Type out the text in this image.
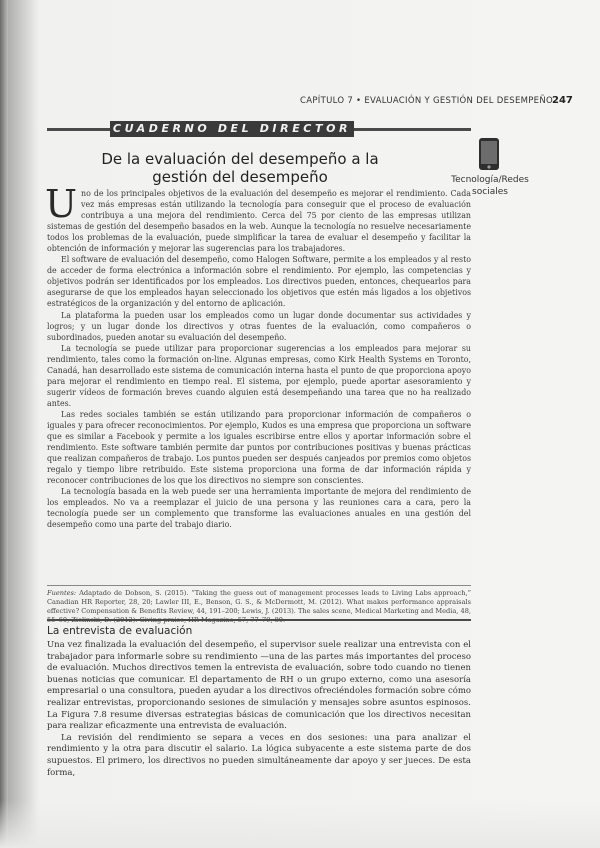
CAPÍTULO 7 • EVALUACIÓN Y GESTIÓN DEL DESEMPEÑO
247
CUADERNO DEL DIRECTOR
De la evaluación del desempeño a la gestión del desempeño	Tecnología/Redes sociales

Uno de los principales objetivos de la evaluación del desempeño es mejorar el rendimiento. Cada vez más empresas están utilizando la tecnología para conseguir que el proceso de evaluación contribuya a una mejora del rendimiento. Cerca del 75 por ciento de las empresas utilizan sistemas de gestión del desempeño basados en la web. Aunque la tecnología no resuelve necesariamente todos los problemas de la evaluación, puede simplificar la tarea de evaluar el desempeño y facilitar la obtención de información y mejorar las sugerencias para los trabajadores.

El software de evaluación del desempeño, como Halogen Software, permite a los empleados y al resto de acceder de forma electrónica a información sobre el rendimiento. Por ejemplo, las competencias y objetivos podrán ser identificados por los empleados. Los directivos pueden, entonces, chequearlos para asegurarse de que los empleados hayan seleccionado los objetivos que estén más ligados a los objetivos estratégicos de la organización y del entorno de aplicación.

La plataforma la pueden usar los empleados como un lugar donde documentar sus actividades y logros; y un lugar donde los directivos y otras fuentes de la evaluación, como compañeros o subordinados, pueden anotar su evaluación del desempeño.

La tecnología se puede utilizar para proporcionar sugerencias a los empleados para mejorar su rendimiento, tales como la formación on-line. Algunas empresas, como Kirk Health Systems en Toronto, Canadá, han desarrollado este sistema de comunicación interna hasta el punto de que proporciona apoyo para mejorar el rendimiento en tiempo real. El sistema, por ejemplo, puede aportar asesoramiento y sugerir vídeos de formación breves cuando alguien está desempeñando una tarea que no ha realizado antes.

Las redes sociales también se están utilizando para proporcionar información de compañeros o iguales y para ofrecer reconocimientos. Por ejemplo, Kudos es una empresa que proporciona un software que es similar a Facebook y permite a los iguales escribirse entre ellos y aportar información sobre el rendimiento. Este software también permite dar puntos por contribuciones positivas y buenas prácticas que realizan compañeros de trabajo. Los puntos pueden ser después canjeados por premios como objetos regalo y tiempo libre retribuido. Este sistema proporciona una forma de dar información rápida y reconocer contribuciones de los que los directivos no siempre son conscientes.

La tecnología basada en la web puede ser una herramienta importante de mejora del rendimiento de los empleados. No va a reemplazar el juicio de una persona y las reuniones cara a cara, pero la tecnología puede ser un complemento que transforme las evaluaciones anuales en una gestión del desempeño como una parte del trabajo diario.

Fuentes: Adaptado de Dobson, S. (2015). “Taking the guess out of management processes leads to Living Labs approach,” Canadian HR Reporter, 28, 20; Lawler III, E., Benson, G. S., & McDermott, M. (2012). What makes performance appraisals effective? Compensation & Benefits Review, 44, 191–200; Lewis, J. (2013). The sales scene, Medical Marketing and Media, 48,
La entrevista de evaluación

Una vez finalizada la evaluación del desempeño, el supervisor suele realizar una entrevista con el trabajador para informarle sobre su rendimiento —una de las partes más importantes del proceso de evaluación. Muchos directivos temen la entrevista de evaluación, sobre todo cuando no tienen buenas noticias que comunicar. El departamento de RH o un grupo externo, como una asesoría empresarial o una consultora, pueden ayudar a los directivos ofreciéndoles formación sobre cómo realizar entrevistas, proporcionando sesiones de simulación y mensajes sobre asuntos espinosos. La Figura 7.8 resume diversas estrategias básicas de comunicación que los directivos necesitan para realizar eficazmente una entrevista de evaluación.

La revisión del rendimiento se separa a veces en dos sesiones: una para analizar el rendimiento y la otra para discutir el salario. La lógica subyacente a este sistema parte de dos supuestos. El primero, los directivos no pueden simultáneamente dar apoyo y ser jueces. De esta forma,
